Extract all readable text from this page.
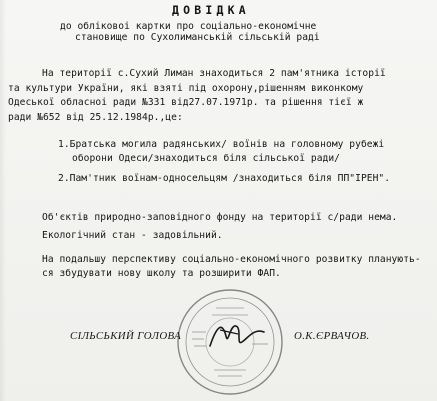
ДОВІДКА
до обліковоі картки про соціально-економічне
становище по Сухолиманській сільській раді
На території с.Сухий Лиман знаходиться 2 пам'ятника історії
та культури України, які взяті під охорону,рішенням виконкому
Одеської обласноі ради №331 від27.07.1971р. та рішення тієї ж
ради №652 від 25.12.1984р.,це:
1.Братська могила радянських/ воїнів на головному рубежі
оборони Одеси/знаходиться біля сільської ради/
2.Пам'тник воїнам-односельцям /знаходиться біля ПП"ІРЕН".
Об'єктів природно-заповідного фонду на території с/ради нема.
Екологічний стан - задовільний.
На подальшу перспективу соціально-економічного розвитку планують-
ся збудувати нову школу та розширити ФАП.
СІЛЬСЬКИЙ ГОЛОВА	О.К.ЄРВАЧОВ.
